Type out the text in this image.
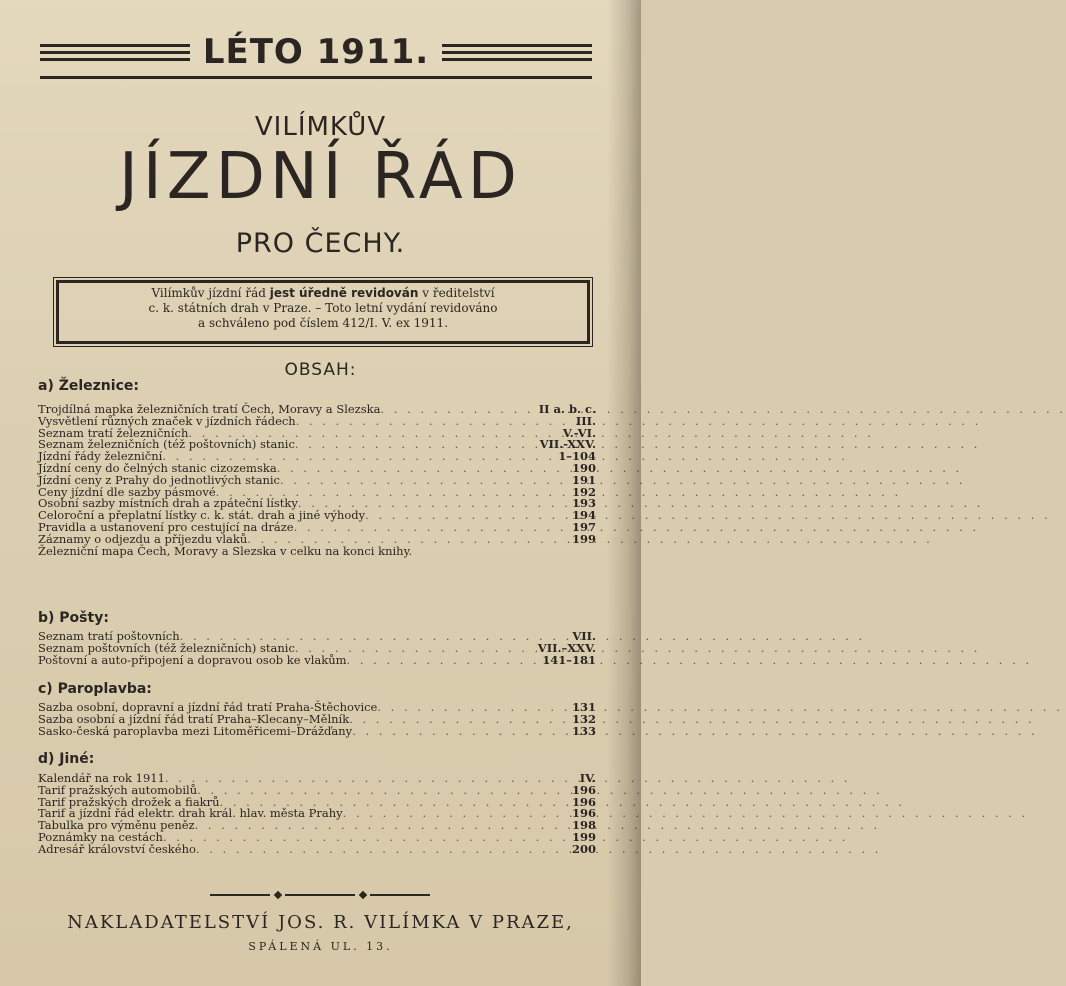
LÉTO 1911.
VILÍMKŮV
JÍZDNÍ ŘÁD
PRO ČECHY.
Vilímkův jízdní řád jest úředně revidován v ředitelství
c. k. státních drah v Praze. – Toto letní vydání revidováno
a schváleno pod číslem 412/I. V. ex 1911.
OBSAH:
a) Železnice:
Trojdílná mapka železničních tratí Čech, Moravy a Slezska . . .	II a. b. c.
Vysvětlení různých značek v jízdních řádech . . .	III.
Seznam tratí železničních . . .	V.-VI.
Seznam železničních (též poštovních) stanic . . .	VII.-XXV.
Jízdní řády železniční . . .	1–104
Jízdní ceny do čelných stanic cizozemska . . .	190
Jízdní ceny z Prahy do jednotlivých stanic . . .	191
Ceny jízdní dle sazby pásmové . . .	192
Osobní sazby místních drah a zpáteční lístky . . .	193
Celoroční a přeplatní lístky c. k. stát. drah a jiné výhody . . .	194
Pravidla a ustanovení pro cestující na dráze . . .	197
Záznamy o odjezdu a příjezdu vlaků . . .	199
Železniční mapa Čech, Moravy a Slezska v celku na konci knihy.
b) Pošty:
Seznam tratí poštovních . . .	VII.
Seznam poštovních (též železničních) stanic . . .	VII.–XXV.
Poštovní a auto-připojení a dopravou osob ke vlakům . . .	141–181
c) Paroplavba:
Sazba osobní, dopravní a jízdní řád tratí Praha-Štěchovice . . .	131
Sazba osobní a jízdní řád tratí Praha–Klecany–Mělník . . .	132
Sasko-česká paroplavba mezi Litoměřicemi–Drážďany . . .	133
d) Jiné:
Kalendář na rok 1911 . . .	IV.
Tarif pražských automobilů . . .	196
Tarif pražských drožek a fiakrů . . .	196
Tarif a jízdní řád elektr. drah král. hlav. města Prahy . . .	196
Tabulka pro výměnu peněz . . .	198
Poznámky na cestách . . .	199
Adresář království českého . . .	200
NAKLADATELSTVÍ JOS. R. VILÍMKA V PRAZE,
SPÁLENÁ UL. 13.
